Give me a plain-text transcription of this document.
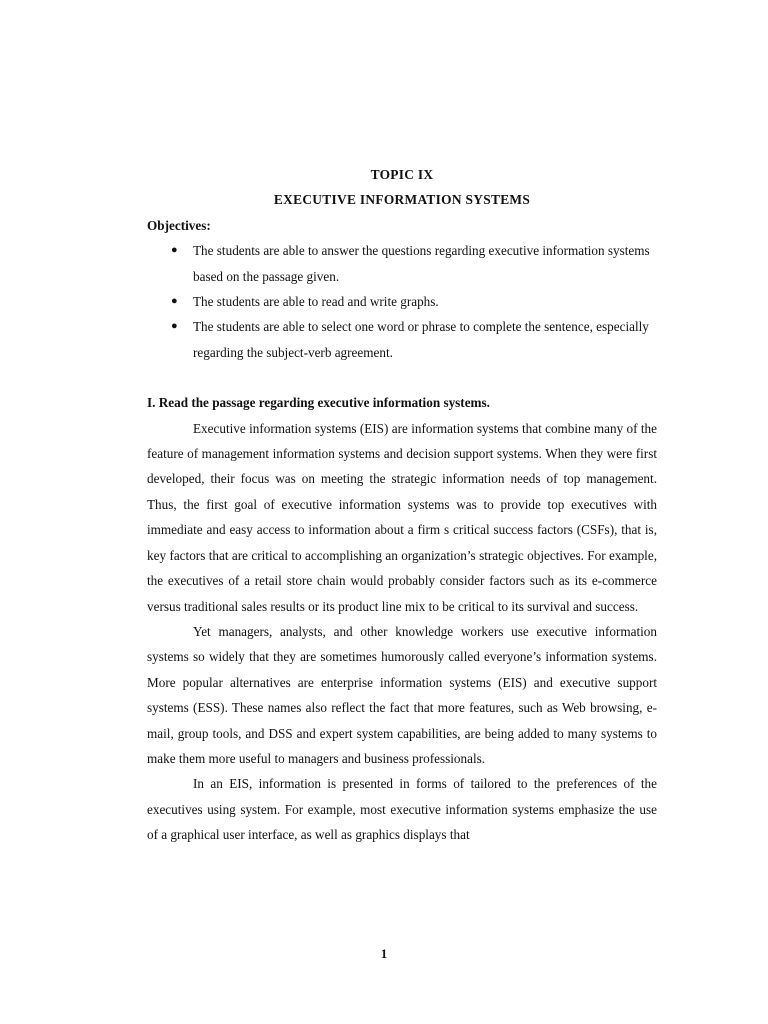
TOPIC IX

EXECUTIVE INFORMATION SYSTEMS

Objectives:

● The students are able to answer the questions regarding executive information systems based on the passage given.
● The students are able to read and write graphs.
● The students are able to select one word or phrase to complete the sentence, especially regarding the subject-verb agreement.

I. Read the passage regarding executive information systems.

Executive information systems (EIS) are information systems that combine many of the feature of management information systems and decision support systems. When they were first developed, their focus was on meeting the strategic information needs of top management. Thus, the first goal of executive information systems was to provide top executives with immediate and easy access to information about a firm s critical success factors (CSFs), that is, key factors that are critical to accomplishing an organization’s strategic objectives. For example, the executives of a retail store chain would probably consider factors such as its e-commerce versus traditional sales results or its product line mix to be critical to its survival and success.

Yet managers, analysts, and other knowledge workers use executive information systems so widely that they are sometimes humorously called everyone’s information systems. More popular alternatives are enterprise information systems (EIS) and executive support systems (ESS). These names also reflect the fact that more features, such as Web browsing, e-mail, group tools, and DSS and expert system capabilities, are being added to many systems to make them more useful to managers and business professionals.

In an EIS, information is presented in forms of tailored to the preferences of the executives using system. For example, most executive information systems emphasize the use of a graphical user interface, as well as graphics displays that

1
